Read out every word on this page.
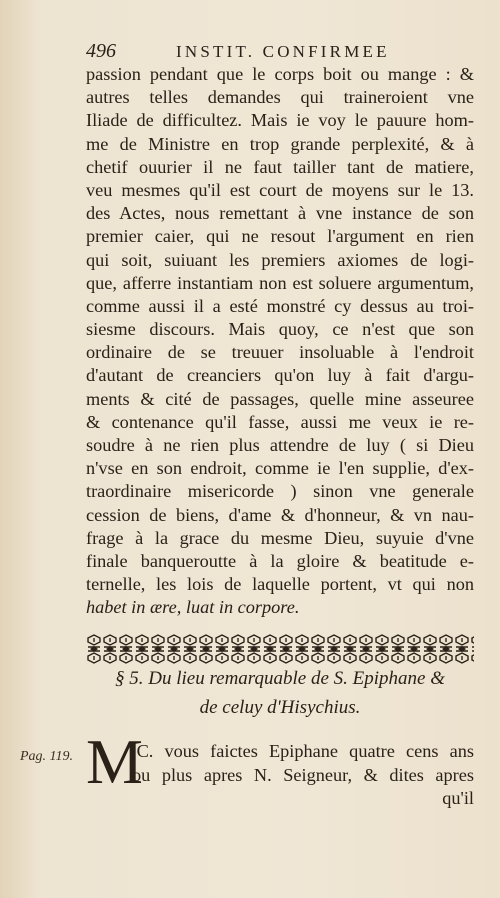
496	INSTIT. CONFIRMEE
passion pendant que le corps boit ou mange : &
autres telles demandes qui traineroient vne
Iliade de difficultez. Mais ie voy le pauure hom-
me de Ministre en trop grande perplexité, & à
chetif ouurier il ne faut tailler tant de matiere,
veu mesmes qu'il est court de moyens sur le 13.
des Actes, nous remettant à vne instance de son
premier caier, qui ne resout l'argument en rien
qui soit, suiuant les premiers axiomes de logi-
que, afferre instantiam non est soluere argumentum,
comme aussi il a esté monstré cy dessus au troi-
siesme discours. Mais quoy, ce n'est que son
ordinaire de se treuuer insoluable à l'endroit
d'autant de creanciers qu'on luy à fait d'argu-
ments & cité de passages, quelle mine asseuree
& contenance qu'il fasse, aussi me veux ie re-
soudre à ne rien plus attendre de luy ( si Dieu
n'vse en son endroit, comme ie l'en supplie, d'ex-
traordinaire misericorde ) sinon vne generale
cession de biens, d'ame & d'honneur, & vn nau-
frage à la grace du mesme Dieu, suyuie d'vne
finale banqueroutte à la gloire & beatitude e-
ternelle, les lois de laquelle portent, vt qui non
habet in ære, luat in corpore.
§ 5. Du lieu remarquable de S. Epiphane &
de celuy d'Hisychius.
Pag. 119. M
.C. vous faictes Epiphane quatre cens ans
ou plus apres N. Seigneur, & dites apres
qu'il
